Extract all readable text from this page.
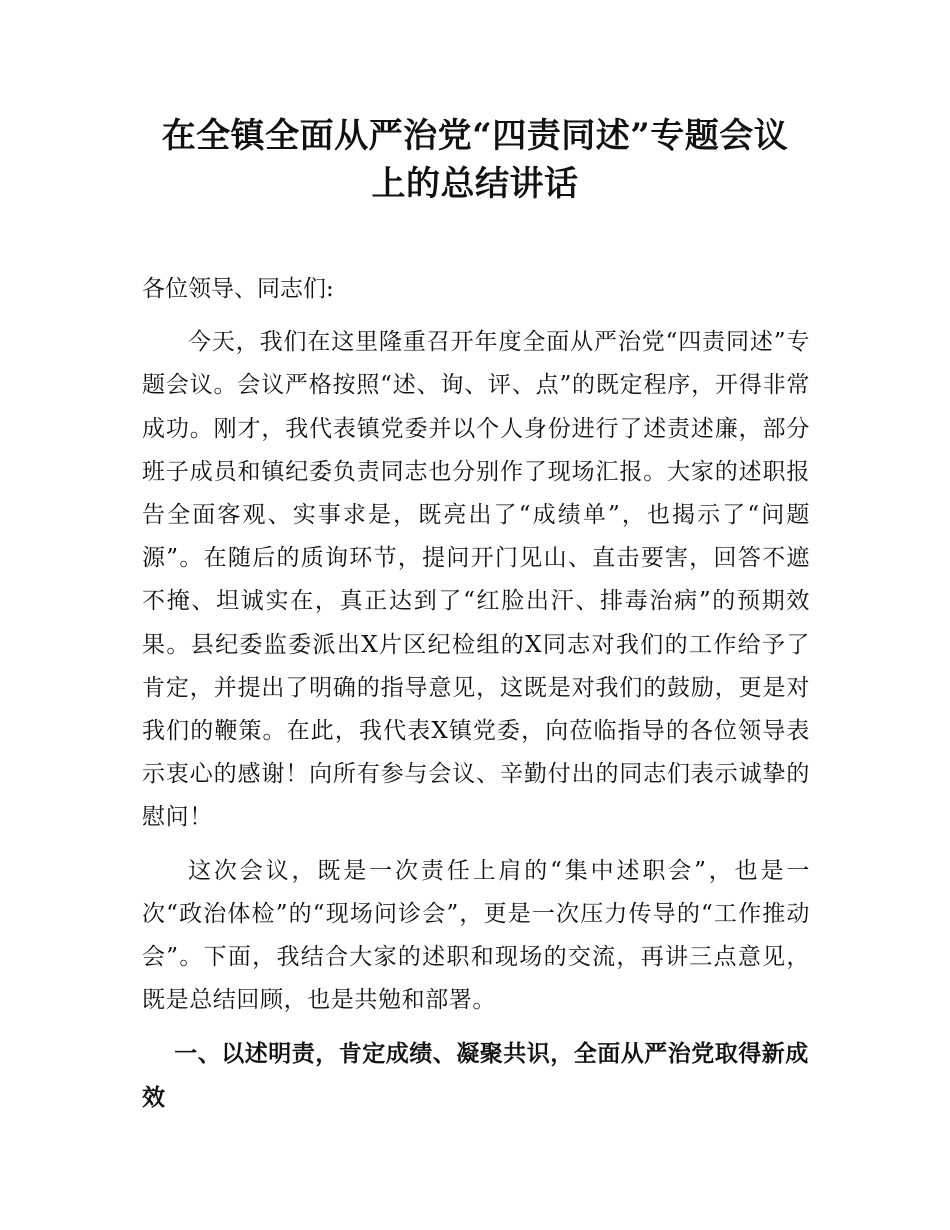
在全镇全面从严治党“四责同述”专题会议
上的总结讲话

各位领导、同志们:

今天，我们在这里隆重召开年度全面从严治党“四责同述”专题会议。会议严格按照“述、询、评、点”的既定程序，开得非常成功。刚才，我代表镇党委并以个人身份进行了述责述廉，部分班子成员和镇纪委负责同志也分别作了现场汇报。大家的述职报告全面客观、实事求是，既亮出了“成绩单”，也揭示了“问题源”。在随后的质询环节，提问开门见山、直击要害，回答不遮不掩、坦诚实在，真正达到了“红脸出汗、排毒治病”的预期效果。县纪委监委派出X片区纪检组的X同志对我们的工作给予了肯定，并提出了明确的指导意见，这既是对我们的鼓励，更是对我们的鞭策。在此，我代表X镇党委，向莅临指导的各位领导表示衷心的感谢！向所有参与会议、辛勤付出的同志们表示诚挚的慰问！

这次会议，既是一次责任上肩的“集中述职会”，也是一次“政治体检”的“现场问诊会”，更是一次压力传导的“工作推动会”。下面，我结合大家的述职和现场的交流，再讲三点意见，既是总结回顾，也是共勉和部署。

一、以述明责，肯定成绩、凝聚共识，全面从严治党取得新成效
